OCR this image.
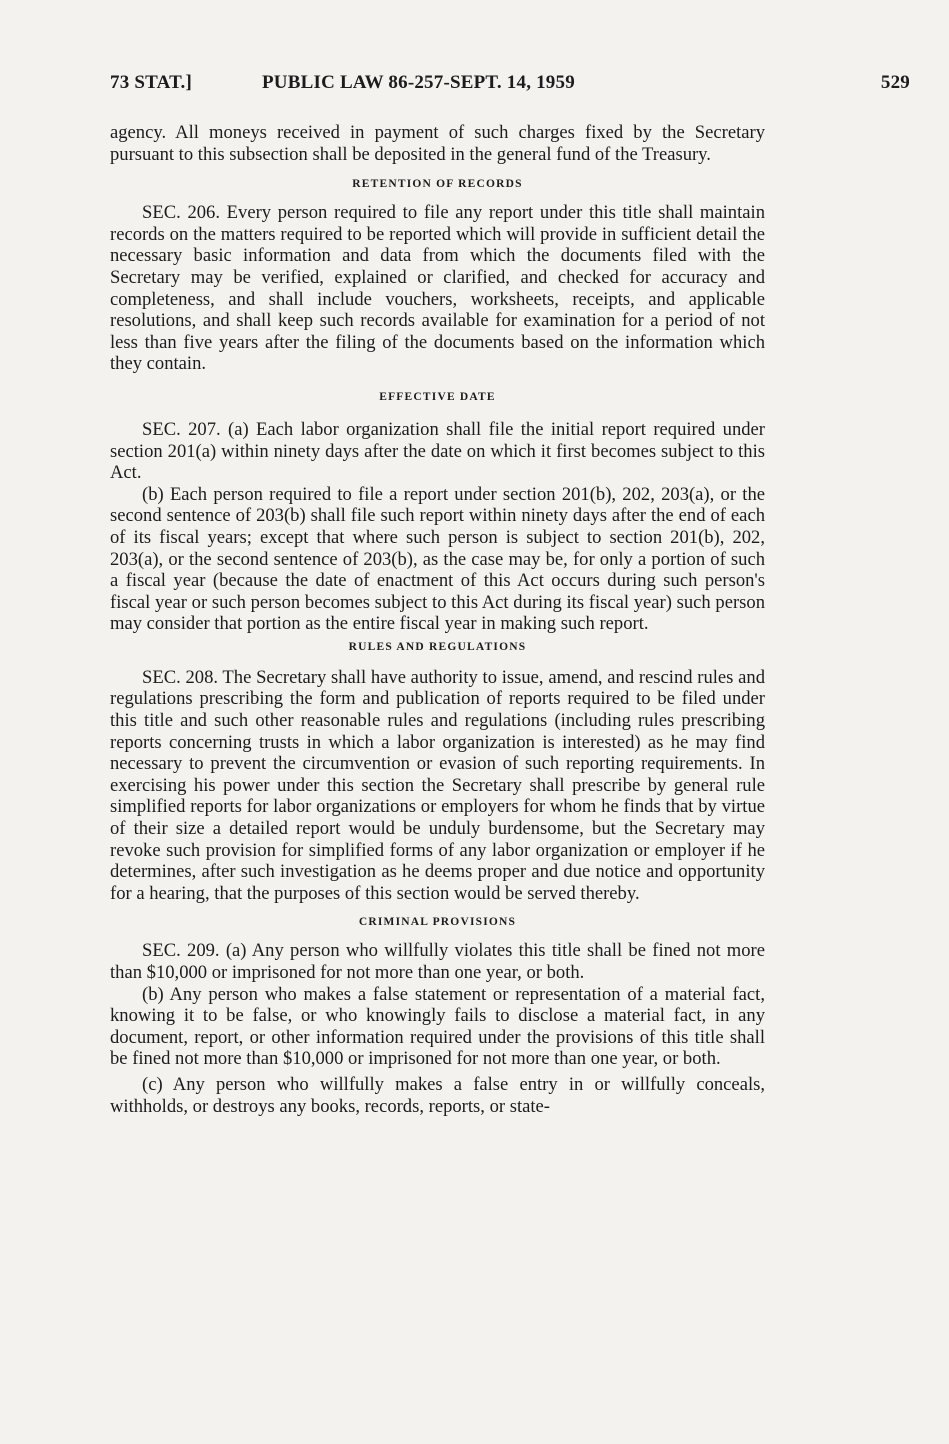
73 STAT.]	PUBLIC LAW 86-257-SEPT. 14, 1959	529

agency. All moneys received in payment of such charges fixed by the Secretary pursuant to this subsection shall be deposited in the general fund of the Treasury.

RETENTION OF RECORDS

SEC. 206. Every person required to file any report under this title shall maintain records on the matters required to be reported which will provide in sufficient detail the necessary basic information and data from which the documents filed with the Secretary may be verified, explained or clarified, and checked for accuracy and completeness, and shall include vouchers, worksheets, receipts, and applicable resolutions, and shall keep such records available for examination for a period of not less than five years after the filing of the documents based on the information which they contain.

EFFECTIVE DATE

SEC. 207. (a) Each labor organization shall file the initial report required under section 201(a) within ninety days after the date on which it first becomes subject to this Act.

(b) Each person required to file a report under section 201(b), 202, 203(a), or the second sentence of 203(b) shall file such report within ninety days after the end of each of its fiscal years; except that where such person is subject to section 201(b), 202, 203(a), or the second sentence of 203(b), as the case may be, for only a portion of such a fiscal year (because the date of enactment of this Act occurs during such person's fiscal year or such person becomes subject to this Act during its fiscal year) such person may consider that portion as the entire fiscal year in making such report.

RULES AND REGULATIONS

SEC. 208. The Secretary shall have authority to issue, amend, and rescind rules and regulations prescribing the form and publication of reports required to be filed under this title and such other reasonable rules and regulations (including rules prescribing reports concerning trusts in which a labor organization is interested) as he may find necessary to prevent the circumvention or evasion of such reporting requirements. In exercising his power under this section the Secretary shall prescribe by general rule simplified reports for labor organizations or employers for whom he finds that by virtue of their size a detailed report would be unduly burdensome, but the Secretary may revoke such provision for simplified forms of any labor organization or employer if he determines, after such investigation as he deems proper and due notice and opportunity for a hearing, that the purposes of this section would be served thereby.

CRIMINAL PROVISIONS

SEC. 209. (a) Any person who willfully violates this title shall be fined not more than $10,000 or imprisoned for not more than one year, or both.

(b) Any person who makes a false statement or representation of a material fact, knowing it to be false, or who knowingly fails to disclose a material fact, in any document, report, or other information required under the provisions of this title shall be fined not more than $10,000 or imprisoned for not more than one year, or both.

(c) Any person who willfully makes a false entry in or willfully conceals, withholds, or destroys any books, records, reports, or state-
